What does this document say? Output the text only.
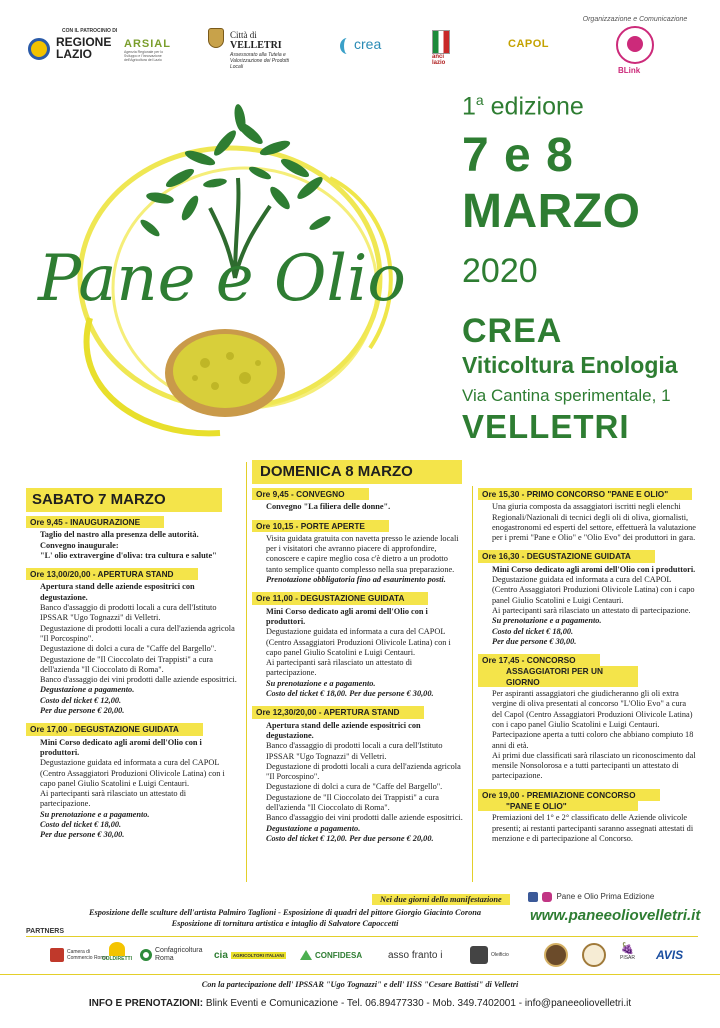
Organizzazione e Comunicazione
CON IL PATROCINIO DI
REGIONE LAZIO
ARSIAL
Agenzia Regionale per lo Sviluppo e l'Innovazione dell'Agricoltura del Lazio
Città di
VELLETRI
Assessorato alla Tutela e Valorizzazione dei Prodotti Locali
crea
anci lazio
CAPOL
BLink
Pane e Olio
1$^a$ edizione
7 e 8
MARZO
2020
CREA
Viticoltura Enologia
Via Cantina sperimentale, 1
VELLETRI
DOMENICA 8 MARZO
SABATO 7 MARZO
Ore 9,45 - INAUGURAZIONE

Taglio del nastro alla presenza delle autorità.

Convegno inaugurale:

"L' olio extravergine d'oliva: tra cultura e salute"

Ore 13,00/20,00 - APERTURA STAND

Apertura stand delle aziende espositrici con degustazione.

Banco d'assaggio di prodotti locali a cura dell'Istituto IPSSAR "Ugo Tognazzi" di Velletri.

Degustazione di prodotti locali a cura dell'azienda agricola "Il Porcospino".

Degustazione di dolci a cura de "Caffe del Bargello".

Degustazione de "Il Cioccolato dei Trappisti" a cura dell'azienda "Il Cioccolato di Roma".

Banco d'assaggio dei vini prodotti dalle aziende espositrici.

Degustazione a pagamento.

Costo del ticket € 12,00.

Per due persone € 20,00.

Ore 17,00 - DEGUSTAZIONE GUIDATA

Mini Corso dedicato agli aromi dell'Olio con i produttori.

Degustazione guidata ed informata a cura del CAPOL (Centro Assaggiatori Produzioni Olivicole Latina) con i capo panel Giulio Scatolini e Luigi Centauri.

Ai partecipanti sarà rilasciato un attestato di partecipazione.

Su prenotazione e a pagamento.

Costo del ticket € 18,00.

Per due persone € 30,00.

Ore 9,45 - CONVEGNO

Convegno "La filiera delle donne".

Ore 10,15 - PORTE APERTE

Visita guidata gratuita con navetta presso le aziende locali per i visitatori che avranno piacere di approfondire, conoscere e capire meglio cosa c'è dietro a un prodotto tanto semplice quanto complesso nella sua preparazione.

Prenotazione obbligatoria fino ad esaurimento posti.

Ore 11,00 - DEGUSTAZIONE GUIDATA

Mini Corso dedicato agli aromi dell'Olio con i produttori.

Degustazione guidata ed informata a cura del CAPOL (Centro Assaggiatori Produzioni Olivicole Latina) con i capo panel Giulio Scatolini e Luigi Centauri.

Ai partecipanti sarà rilasciato un attestato di partecipazione.

Su prenotazione e a pagamento.

Costo del ticket € 18,00. Per due persone € 30,00.

Ore 12,30/20,00 - APERTURA STAND

Apertura stand delle aziende espositrici con degustazione.

Banco d'assaggio di prodotti locali a cura dell'Istituto IPSSAR "Ugo Tognazzi" di Velletri.

Degustazione di prodotti locali a cura dell'azienda agricola "Il Porcospino".

Degustazione di dolci a cura de "Caffe del Bargello".

Degustazione de "Il Cioccolato dei Trappisti" a cura dell'azienda "Il Cioccolato di Roma".

Banco d'assaggio dei vini prodotti dalle aziende espositrici.

Degustazione a pagamento.

Costo del ticket € 12,00. Per due persone € 20,00.

Ore 15,30 - PRIMO CONCORSO "PANE E OLIO"

Una giuria composta da assaggiatori iscritti negli elenchi Regionali/Nazionali di tecnici degli oli di oliva, giornalisti, enogastronomi ed esperti del settore, effettuerà la valutazione per i premi "Pane e Olio" e "Olio Evo" dei produttori in gara.

Ore 16,30 - DEGUSTAZIONE GUIDATA

Mini Corso dedicato agli aromi dell'Olio con i produttori.

Degustazione guidata ed informata a cura del CAPOL (Centro Assaggiatori Produzioni Olivicole Latina) con i capo panel Giulio Scatolini e Luigi Centauri.

Ai partecipanti sarà rilasciato un attestato di partecipazione.

Su prenotazione e a pagamento.

Costo del ticket € 18,00.

Per due persone € 30,00.

Ore 17,45 - CONCORSO
ASSAGGIATORI PER UN GIORNO

Per aspiranti assaggiatori che giudicheranno gli oli extra vergine di oliva presentati al concorso "L'Olio Evo" a cura del Capol (Centro Assaggiatori Produzioni Olivicole Latina) con i capo panel Giulio Scatolini e Luigi Centauri. Partecipazione aperta a tutti coloro che abbiano compiuto 18 anni di età.

Ai primi due classificati sarà rilasciato un riconoscimento dal mensile Nonsolorosa e a tutti partecipanti un attestato di partecipazione.

Ore 19,00 - PREMIAZIONE CONCORSO
"PANE E OLIO"

Premiazioni del 1° e 2° classificato delle Aziende olivicole presenti; ai restanti partecipanti saranno assegnati attestati di menzione e di partecipazione al Concorso.

Nei due giorni della manifestazione
Esposizione delle sculture dell'artista Palmiro Taglioni - Esposizione di quadri del pittore Giorgio Giacinto Corona Esposizione di tornitura artistica e intaglio di Salvatore Capoccetti
Pane e Olio Prima Edizione
www.paneeoliovelletri.it
PARTNERS
Camera di Commercio Roma
COLDIRETTI
Confagricoltura Roma	cia	AGRICOLTORI ITALIANI	CONFIDESA	asso franto i	Oleificio	🍇
PISAR AVIS
Con la partecipazione dell' IPSSAR "Ugo Tognazzi" e dell' IISS "Cesare Battisti" di Velletri
INFO E PRENOTAZIONI: Blink Eventi e Comunicazione - Tel. 06.89477330 - Mob. 349.7402001 - info@paneeoliovelletri.it
